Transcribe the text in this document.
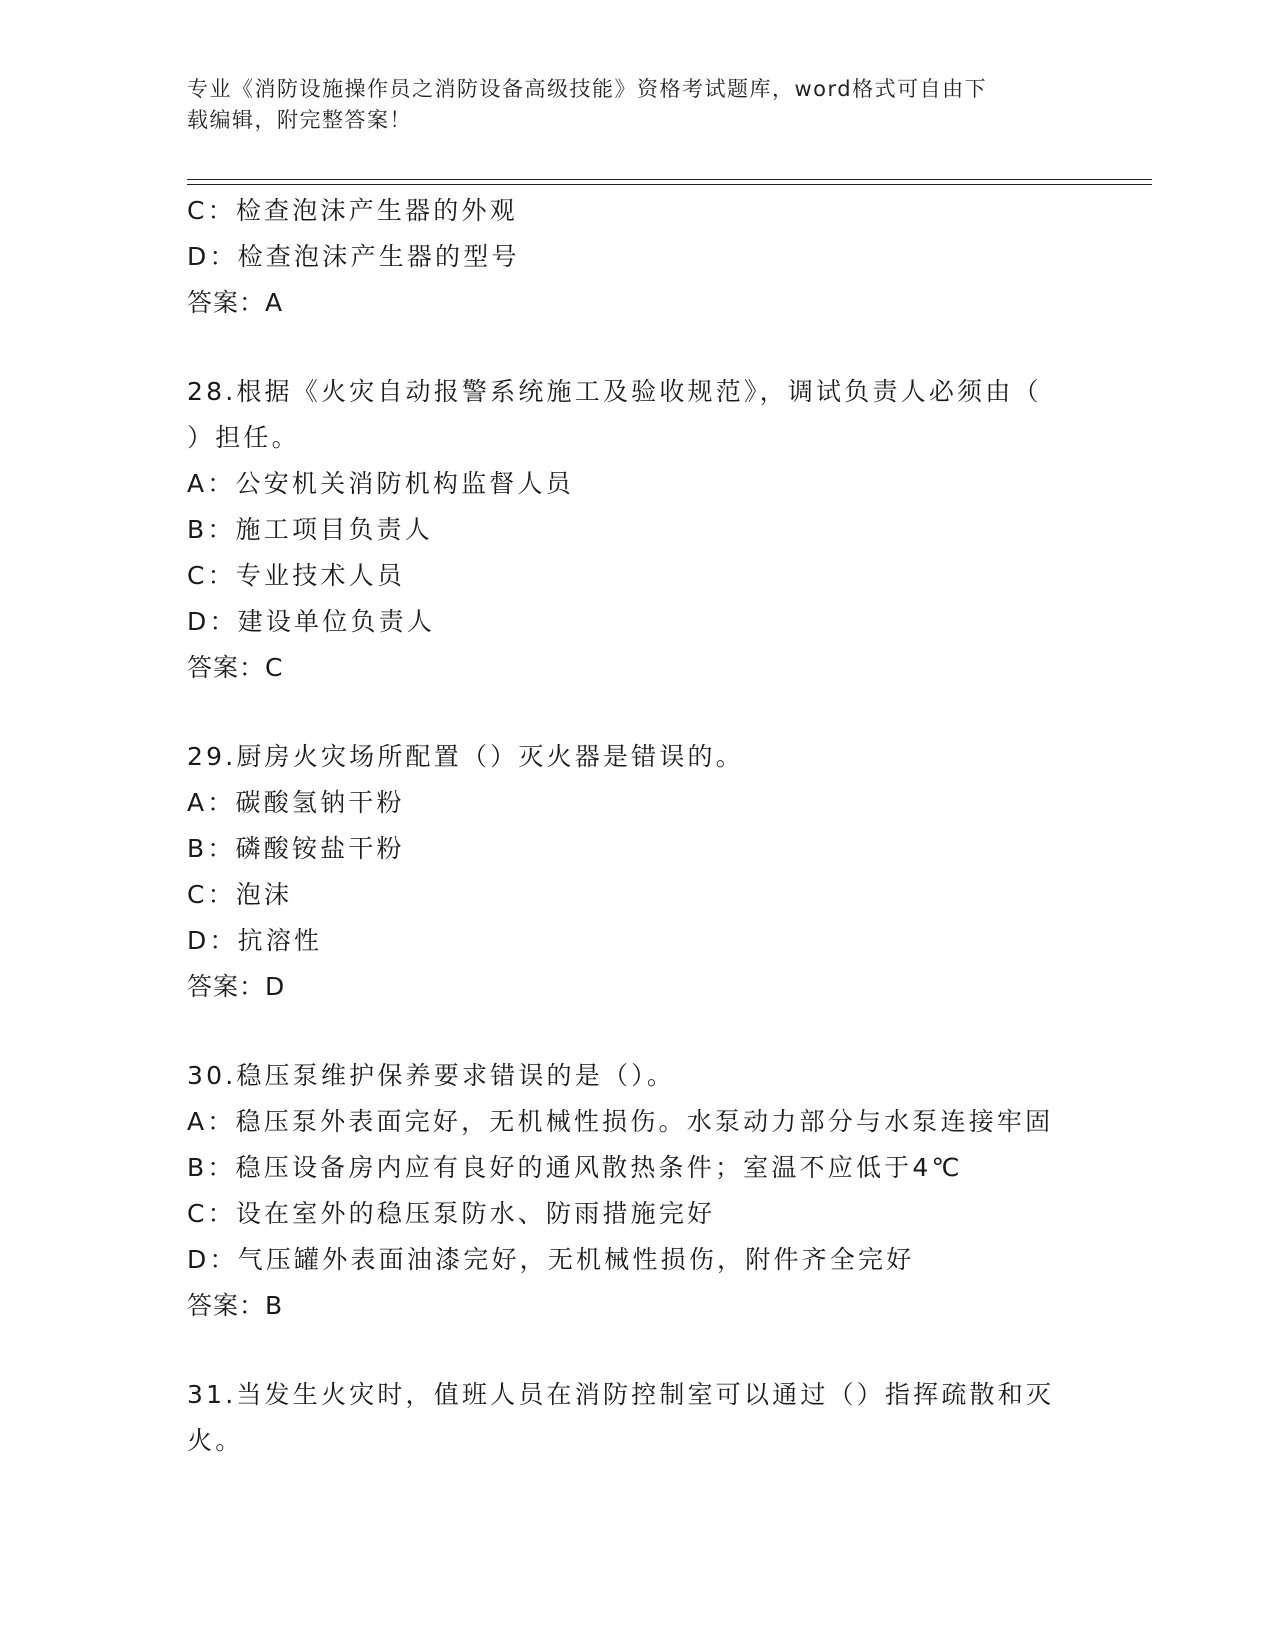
专业《消防设施操作员之消防设备高级技能》资格考试题库，word格式可自由下
载编辑，附完整答案！
C：检查泡沫产生器的外观
D：检查泡沫产生器的型号
答案：A
28.根据《火灾自动报警系统施工及验收规范》，调试负责人必须由（
）担任。
A：公安机关消防机构监督人员
B：施工项目负责人
C：专业技术人员
D：建设单位负责人
答案：C
29.厨房火灾场所配置（）灭火器是错误的。
A：碳酸氢钠干粉
B：磷酸铵盐干粉
C：泡沫
D：抗溶性
答案：D
30.稳压泵维护保养要求错误的是（）。
A：稳压泵外表面完好，无机械性损伤。水泵动力部分与水泵连接牢固
B：稳压设备房内应有良好的通风散热条件；室温不应低于4℃
C：设在室外的稳压泵防水、防雨措施完好
D：气压罐外表面油漆完好，无机械性损伤，附件齐全完好
答案：B
31.当发生火灾时，值班人员在消防控制室可以通过（）指挥疏散和灭
火。
